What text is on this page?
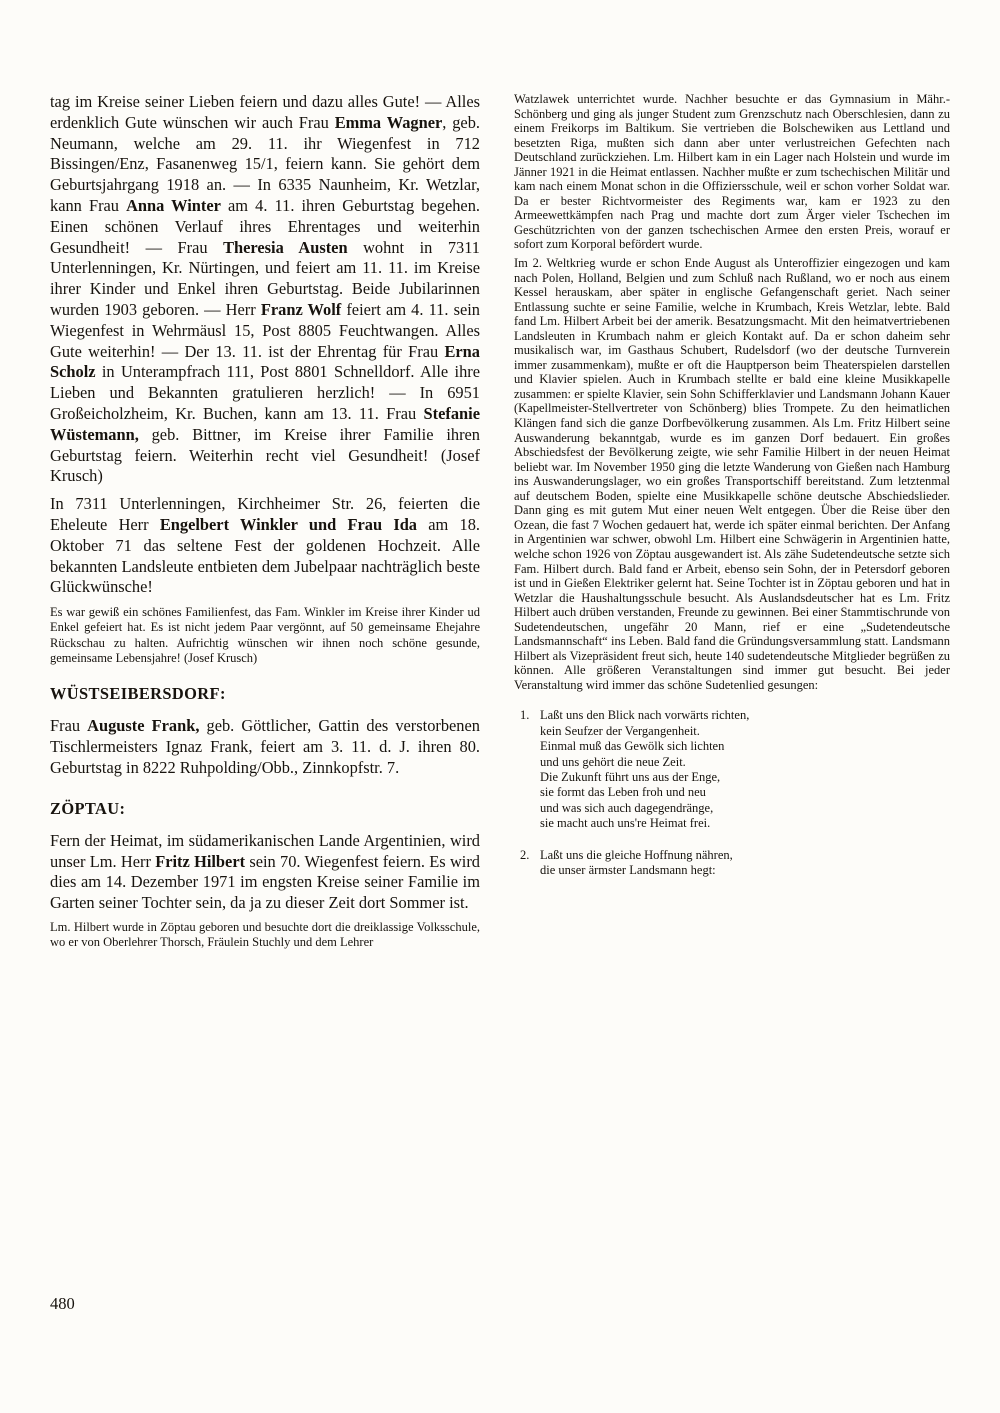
tag im Kreise seiner Lieben feiern und dazu alles Gute! — Alles erdenklich Gute wünschen wir auch Frau Emma Wagner, geb. Neumann, welche am 29. 11. ihr Wiegenfest in 712 Bissingen/Enz, Fasanenweg 15/1, feiern kann. Sie gehört dem Geburtsjahrgang 1918 an. — In 6335 Naunheim, Kr. Wetzlar, kann Frau Anna Winter am 4. 11. ihren Geburtstag begehen. Einen schönen Verlauf ihres Ehrentages und weiterhin Gesundheit! — Frau Theresia Austen wohnt in 7311 Unterlenningen, Kr. Nürtingen, und feiert am 11. 11. im Kreise ihrer Kinder und Enkel ihren Geburtstag. Beide Jubilarinnen wurden 1903 geboren. — Herr Franz Wolf feiert am 4. 11. sein Wiegenfest in Wehrmäusl 15, Post 8805 Feuchtwangen. Alles Gute weiterhin! — Der 13. 11. ist der Ehrentag für Frau Erna Scholz in Unterampfrach 111, Post 8801 Schnelldorf. Alle ihre Lieben und Bekannten gratulieren herzlich! — In 6951 Großeicholzheim, Kr. Buchen, kann am 13. 11. Frau Stefanie Wüstemann, geb. Bittner, im Kreise ihrer Familie ihren Geburtstag feiern. Weiterhin recht viel Gesundheit! (Josef Krusch)

In 7311 Unterlenningen, Kirchheimer Str. 26, feierten die Eheleute Herr Engelbert Winkler und Frau Ida am 18. Oktober 71 das seltene Fest der goldenen Hochzeit. Alle bekannten Landsleute entbieten dem Jubelpaar nachträglich beste Glückwünsche!

Es war gewiß ein schönes Familienfest, das Fam. Winkler im Kreise ihrer Kinder ud Enkel gefeiert hat. Es ist nicht jedem Paar vergönnt, auf 50 gemeinsame Ehejahre Rückschau zu halten. Aufrichtig wünschen wir ihnen noch schöne gesunde, gemeinsame Lebensjahre! (Josef Krusch)

WÜSTSEIBERSDORF:

Frau Auguste Frank, geb. Göttlicher, Gattin des verstorbenen Tischlermeisters Ignaz Frank, feiert am 3. 11. d. J. ihren 80. Geburtstag in 8222 Ruhpolding/Obb., Zinnkopfstr. 7.

ZÖPTAU:

Fern der Heimat, im südamerikanischen Lande Argentinien, wird unser Lm. Herr Fritz Hilbert sein 70. Wiegenfest feiern. Es wird dies am 14. Dezember 1971 im engsten Kreise seiner Familie im Garten seiner Tochter sein, da ja zu dieser Zeit dort Sommer ist.

Lm. Hilbert wurde in Zöptau geboren und besuchte dort die dreiklassige Volksschule, wo er von Oberlehrer Thorsch, Fräulein Stuchly und dem Lehrer

Watzlawek unterrichtet wurde. Nachher besuchte er das Gymnasium in Mähr.-Schönberg und ging als junger Student zum Grenzschutz nach Oberschlesien, dann zu einem Freikorps im Baltikum. Sie vertrieben die Bolschewiken aus Lettland und besetzten Riga, mußten sich dann aber unter verlustreichen Gefechten nach Deutschland zurückziehen. Lm. Hilbert kam in ein Lager nach Holstein und wurde im Jänner 1921 in die Heimat entlassen. Nachher mußte er zum tschechischen Militär und kam nach einem Monat schon in die Offiziersschule, weil er schon vorher Soldat war. Da er bester Richtvormeister des Regiments war, kam er 1923 zu den Armeewettkämpfen nach Prag und machte dort zum Ärger vieler Tschechen im Geschützrichten von der ganzen tschechischen Armee den ersten Preis, worauf er sofort zum Korporal befördert wurde.

Im 2. Weltkrieg wurde er schon Ende August als Unteroffizier eingezogen und kam nach Polen, Holland, Belgien und zum Schluß nach Rußland, wo er noch aus einem Kessel herauskam, aber später in englische Gefangenschaft geriet. Nach seiner Entlassung suchte er seine Familie, welche in Krumbach, Kreis Wetzlar, lebte. Bald fand Lm. Hilbert Arbeit bei der amerik. Besatzungsmacht. Mit den heimatvertriebenen Landsleuten in Krumbach nahm er gleich Kontakt auf. Da er schon daheim sehr musikalisch war, im Gasthaus Schubert, Rudelsdorf (wo der deutsche Turnverein immer zusammenkam), mußte er oft die Hauptperson beim Theaterspielen darstellen und Klavier spielen. Auch in Krumbach stellte er bald eine kleine Musikkapelle zusammen: er spielte Klavier, sein Sohn Schifferklavier und Landsmann Johann Kauer (Kapellmeister-Stellvertreter von Schönberg) blies Trompete. Zu den heimatlichen Klängen fand sich die ganze Dorfbevölkerung zusammen. Als Lm. Fritz Hilbert seine Auswanderung bekanntgab, wurde es im ganzen Dorf bedauert. Ein großes Abschiedsfest der Bevölkerung zeigte, wie sehr Familie Hilbert in der neuen Heimat beliebt war. Im November 1950 ging die letzte Wanderung von Gießen nach Hamburg ins Auswanderungslager, wo ein großes Transportschiff bereitstand. Zum letztenmal auf deutschem Boden, spielte eine Musikkapelle schöne deutsche Abschiedslieder. Dann ging es mit gutem Mut einer neuen Welt entgegen. Über die Reise über den Ozean, die fast 7 Wochen gedauert hat, werde ich später einmal berichten. Der Anfang in Argentinien war schwer, obwohl Lm. Hilbert eine Schwägerin in Argentinien hatte, welche schon 1926 von Zöptau ausgewandert ist. Als zähe Sudetendeutsche setzte sich Fam. Hilbert durch. Bald fand er Arbeit, ebenso sein Sohn, der in Petersdorf geboren ist und in Gießen Elektriker gelernt hat. Seine Tochter ist in Zöptau geboren und hat in Wetzlar die Haushaltungsschule besucht. Als Auslandsdeutscher hat es Lm. Fritz Hilbert auch drüben verstanden, Freunde zu gewinnen. Bei einer Stammtischrunde von Sudetendeutschen, ungefähr 20 Mann, rief er eine „Sudetendeutsche Landsmannschaft“ ins Leben. Bald fand die Gründungsversammlung statt. Landsmann Hilbert als Vizepräsident freut sich, heute 140 sudetendeutsche Mitglieder begrüßen zu können. Alle größeren Veranstaltungen sind immer gut besucht. Bei jeder Veranstaltung wird immer das schöne Sudetenlied gesungen:

1. Laßt uns den Blick nach vorwärts richten,
kein Seufzer der Vergangenheit.
Einmal muß das Gewölk sich lichten
und uns gehört die neue Zeit.
Die Zukunft führt uns aus der Enge,
sie formt das Leben froh und neu
und was sich auch dagegendränge,
sie macht auch uns're Heimat frei.
2. Laßt uns die gleiche Hoffnung nähren,
die unser ärmster Landsmann hegt:
480
